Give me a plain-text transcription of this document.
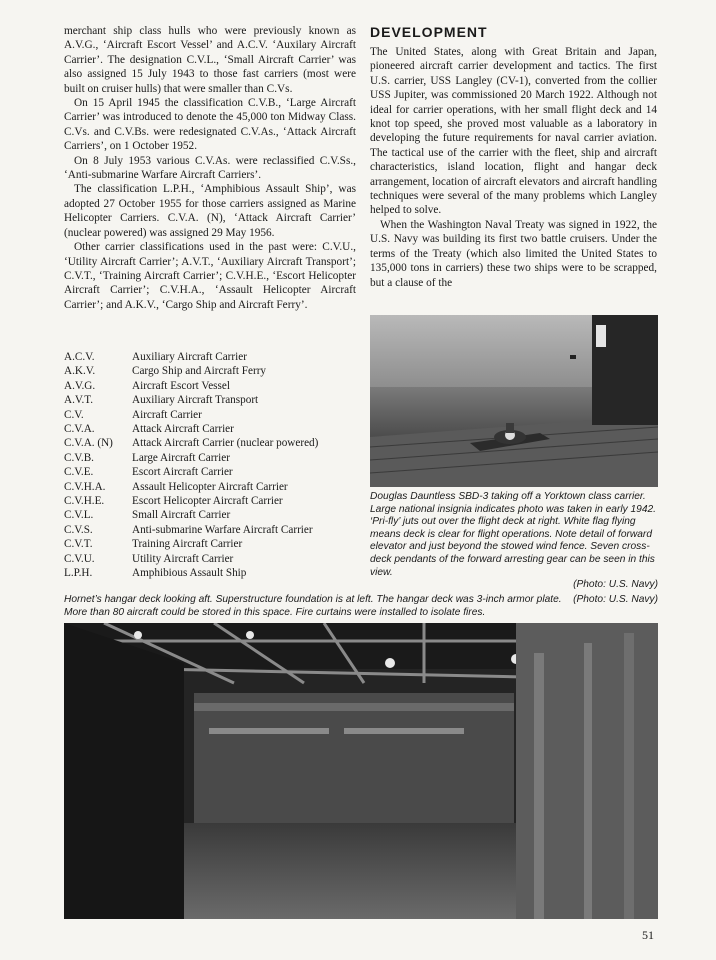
merchant ship class hulls who were previously known as A.V.G., ‘Aircraft Escort Vessel’ and A.C.V. ‘Auxilary Aircraft Carrier’. The designation C.V.L., ‘Small Aircraft Carrier’ was also assigned 15 July 1943 to those fast carriers (most were built on cruiser hulls) that were smaller than C.Vs.

On 15 April 1945 the classification C.V.B., ‘Large Aircraft Carrier’ was introduced to denote the 45,000 ton Midway Class. C.Vs. and C.V.Bs. were redesignated C.V.As., ‘Attack Aircraft Carriers’, on 1 October 1952.

On 8 July 1953 various C.V.As. were reclassified C.V.Ss., ‘Anti-submarine Warfare Aircraft Carriers’.

The classification L.P.H., ‘Amphibious Assault Ship’, was adopted 27 October 1955 for those carriers assigned as Marine Helicopter Carriers. C.V.A. (N), ‘Attack Aircraft Carrier’ (nuclear powered) was assigned 29 May 1956.

Other carrier classifications used in the past were: C.V.U., ‘Utility Aircraft Carrier’; A.V.T., ‘Auxiliary Aircraft Transport’; C.V.T., ‘Training Aircraft Carrier’; C.V.H.E., ‘Escort Helicopter Aircraft Carrier’; C.V.H.A., ‘Assault Helicopter Aircraft Carrier’; and A.K.V., ‘Cargo Ship and Aircraft Ferry’.

A.C.V.	Auxiliary Aircraft Carrier
A.K.V.	Cargo Ship and Aircraft Ferry
A.V.G.	Aircraft Escort Vessel
A.V.T.	Auxiliary Aircraft Transport
C.V.	Aircraft Carrier
C.V.A.	Attack Aircraft Carrier
C.V.A. (N)	Attack Aircraft Carrier (nuclear powered)
C.V.B.	Large Aircraft Carrier
C.V.E.	Escort Aircraft Carrier
C.V.H.A.	Assault Helicopter Aircraft Carrier
C.V.H.E.	Escort Helicopter Aircraft Carrier
C.V.L.	Small Aircraft Carrier
C.V.S.	Anti-submarine Warfare Aircraft Carrier
C.V.T.	Training Aircraft Carrier
C.V.U.	Utility Aircraft Carrier
L.P.H.	Amphibious Assault Ship
DEVELOPMENT

The United States, along with Great Britain and Japan, pioneered aircraft carrier development and tactics. The first U.S. carrier, USS Langley (CV-1), converted from the collier USS Jupiter, was commissioned 20 March 1922. Although not ideal for carrier operations, with her small flight deck and 14 knot top speed, she proved most valuable as a laboratory in developing the future requirements for naval carrier aviation. The tactical use of the carrier with the fleet, ship and aircraft characteristics, island location, flight and hangar deck arrangement, location of aircraft elevators and aircraft handling techniques were several of the many problems which Langley helped to solve.

When the Washington Naval Treaty was signed in 1922, the U.S. Navy was building its first two battle cruisers. Under the terms of the Treaty (which also limited the United States to 135,000 tons in carriers) these two ships were to be scrapped, but a clause of the

Douglas Dauntless SBD-3 taking off a Yorktown class carrier. Large national insignia indicates photo was taken in early 1942. ‘Pri-fly’ juts out over the flight deck at right. White flag flying means deck is clear for flight operations. Note detail of forward elevator and just beyond the stowed wind fence. Seven cross-deck pendants of the forward arresting gear can be seen in this view.
(Photo: U.S. Navy)
(Photo: U.S. Navy)
Hornet’s hangar deck looking aft. Superstructure foundation is at left. The hangar deck was 3-inch armor plate. More than 80 aircraft could be stored in this space. Fire curtains were installed to isolate fires.
51
